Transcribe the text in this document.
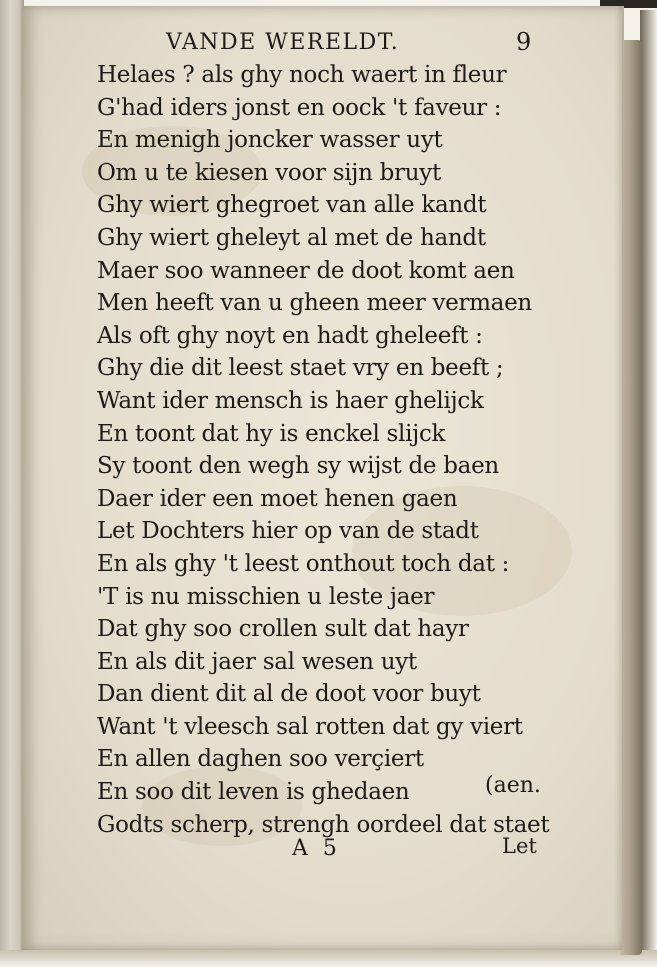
VANDE WERELDT.	9
Helaes ? als ghy noch waert in fleur
G'had iders jonst en oock 't faveur :
En menigh joncker wasser uyt
Om u te kiesen voor sijn bruyt
Ghy wiert ghegroet van alle kandt
Ghy wiert gheleyt al met de handt
Maer soo wanneer de doot komt aen
Men heeft van u gheen meer vermaen
Als oft ghy noyt en hadt gheleeft :
Ghy die dit leest staet vry en beeft ;
Want ider mensch is haer ghelijck
En toont dat hy is enckel slijck
Sy toont den wegh sy wijst de baen
Daer ider een moet henen gaen
Let Dochters hier op van de stadt
En als ghy 't leest onthout toch dat :
'T is nu misschien u leste jaer
Dat ghy soo crollen sult dat hayr
En als dit jaer sal wesen uyt
Dan dient dit al de doot voor buyt
Want 't vleesch sal rotten dat gy viert
En allen daghen soo verçiert
En soo dit leven is ghedaen
Godts scherp, strengh oordeel dat staet
(aen.
A 5	Let
